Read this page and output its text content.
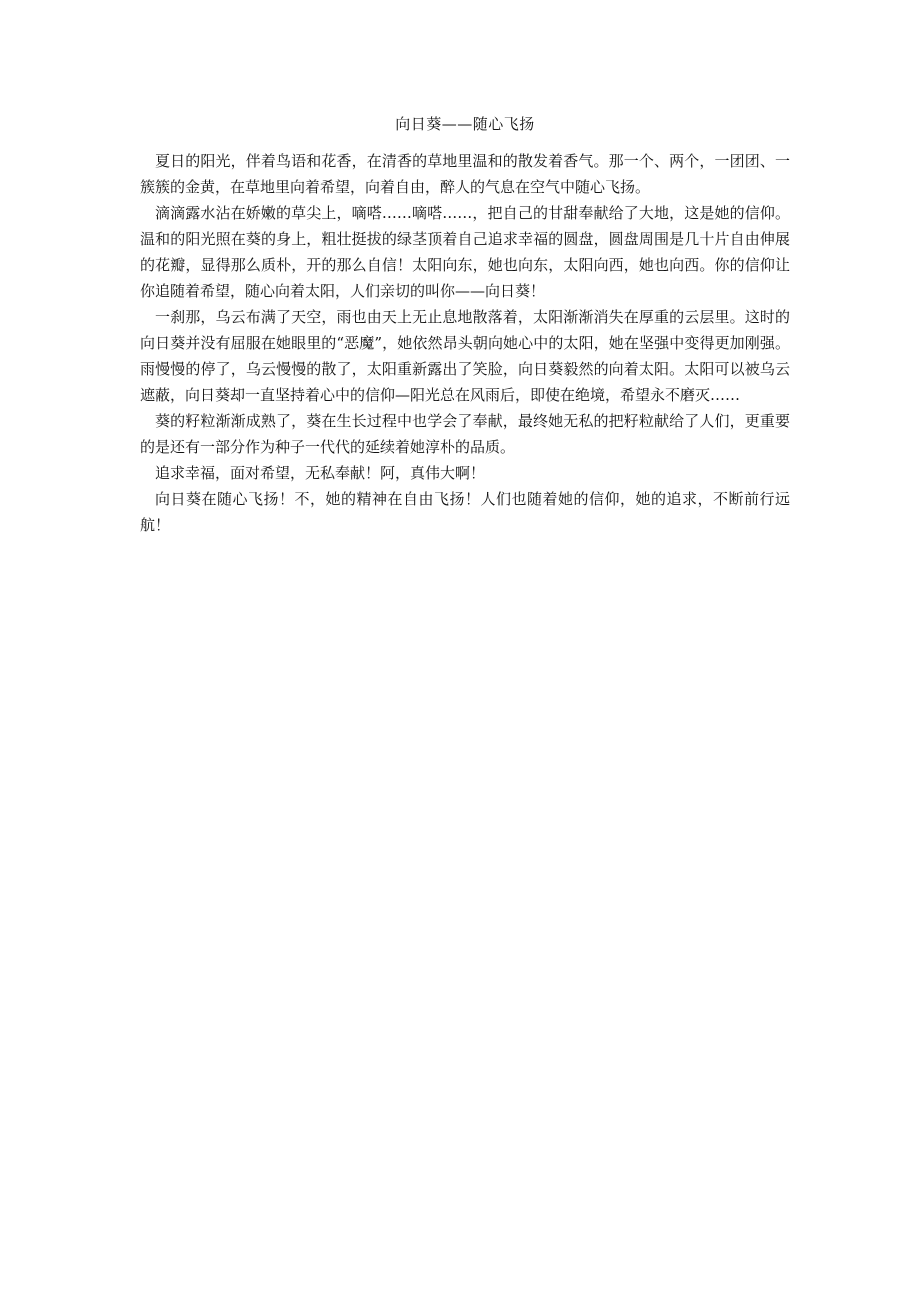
向日葵——随心飞扬

夏日的阳光，伴着鸟语和花香，在清香的草地里温和的散发着香气。那一个、两个，一团团、一簇簇的金黄，在草地里向着希望，向着自由，醉人的气息在空气中随心飞扬。

滴滴露水沾在娇嫩的草尖上，嘀嗒……嘀嗒……，把自己的甘甜奉献给了大地，这是她的信仰。温和的阳光照在葵的身上，粗壮挺拔的绿茎顶着自己追求幸福的圆盘，圆盘周围是几十片自由伸展的花瓣，显得那么质朴，开的那么自信！太阳向东，她也向东，太阳向西，她也向西。你的信仰让你追随着希望，随心向着太阳，人们亲切的叫你——向日葵！

一刹那，乌云布满了天空，雨也由天上无止息地散落着，太阳渐渐消失在厚重的云层里。这时的向日葵并没有屈服在她眼里的“恶魔”，她依然昂头朝向她心中的太阳，她在坚强中变得更加刚强。雨慢慢的停了，乌云慢慢的散了，太阳重新露出了笑脸，向日葵毅然的向着太阳。太阳可以被乌云遮蔽，向日葵却一直坚持着心中的信仰—阳光总在风雨后，即使在绝境，希望永不磨灭……

葵的籽粒渐渐成熟了，葵在生长过程中也学会了奉献，最终她无私的把籽粒献给了人们，更重要的是还有一部分作为种子一代代的延续着她淳朴的品质。

追求幸福，面对希望，无私奉献！阿，真伟大啊！

向日葵在随心飞扬！不，她的精神在自由飞扬！人们也随着她的信仰，她的追求，不断前行远航！
